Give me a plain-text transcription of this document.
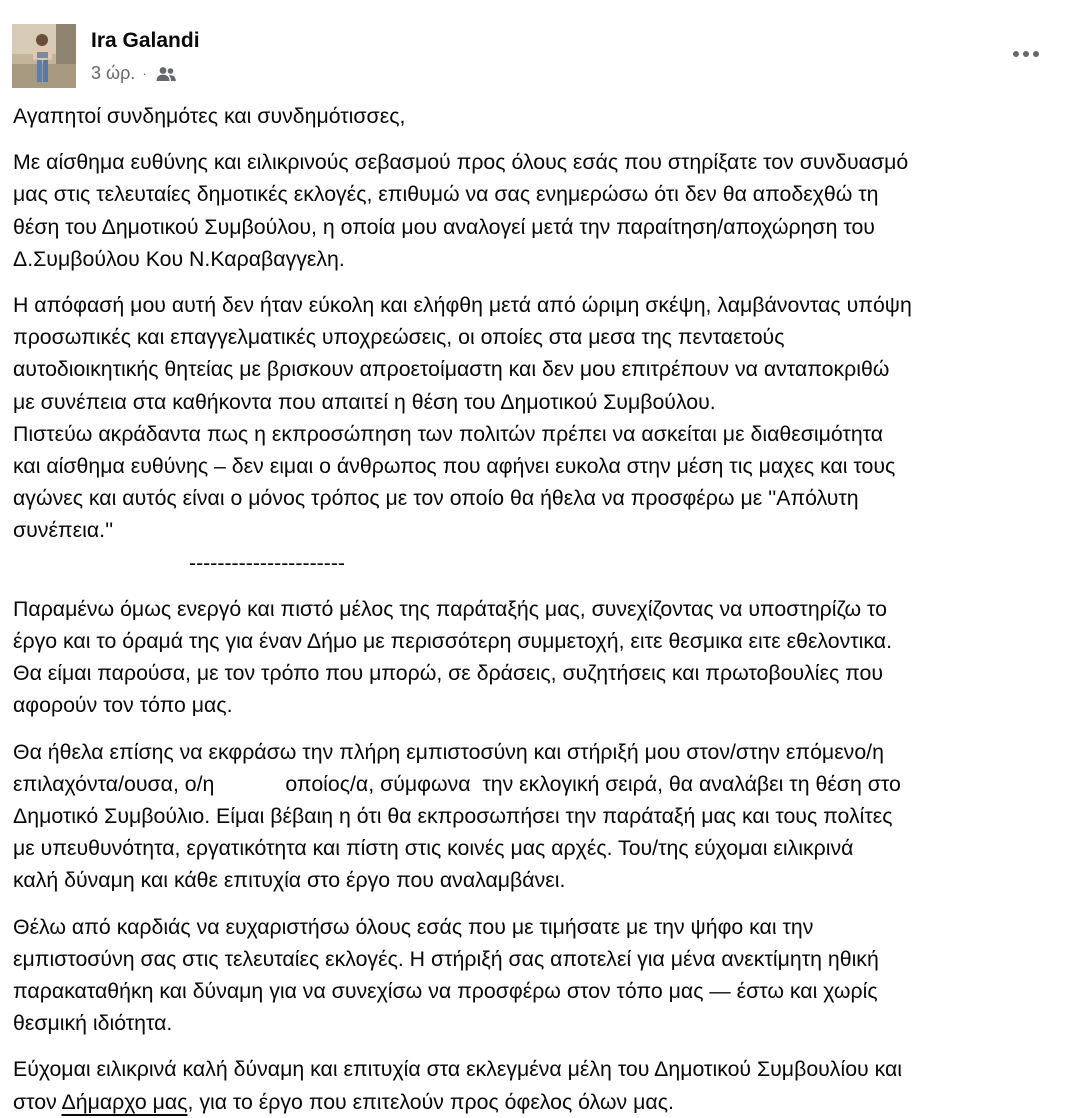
Ira Galandi
3 ώρ. ·

Αγαπητοί συνδημότες και συνδημότισσες,

Με αίσθημα ευθύνης και ειλικρινούς σεβασμού προς όλους εσάς που στηρίξατε τον συνδυασμό

μας στις τελευταίες δημοτικές εκλογές, επιθυμώ να σας ενημερώσω ότι δεν θα αποδεχθώ τη

θέση του Δημοτικού Συμβούλου, η οποία μου αναλογεί μετά την παραίτηση/αποχώρηση του

Δ.Συμβούλου Κου Ν.Καραβαγγελη.

Η απόφασή μου αυτή δεν ήταν εύκολη και ελήφθη μετά από ώριμη σκέψη, λαμβάνοντας υπόψη

προσωπικές και επαγγελματικές υποχρεώσεις, οι οποίες στα μεσα της πενταετούς

αυτοδιοικητικής θητείας με βρισκουν απροετοίμαστη και δεν μου επιτρέπουν να ανταποκριθώ

με συνέπεια στα καθήκοντα που απαιτεί η θέση του Δημοτικού Συμβούλου.

Πιστεύω ακράδαντα πως η εκπροσώπηση των πολιτών πρέπει να ασκείται με διαθεσιμότητα

και αίσθημα ευθύνης – δεν ειμαι ο άνθρωπος που αφήνει ευκολα στην μέση τις μαχες και τους

αγώνες και αυτός είναι ο μόνος τρόπος με τον οποίο θα ήθελα να προσφέρω με ''Απόλυτη

συνέπεια.''

----------------------

Παραμένω όμως ενεργό και πιστό μέλος της παράταξής μας, συνεχίζοντας να υποστηρίζω το

έργο και το όραμά της για έναν Δήμο με περισσότερη συμμετοχή, ειτε θεσμικα ειτε εθελοντικα.

Θα είμαι παρούσα, με τον τρόπο που μπορώ, σε δράσεις, συζητήσεις και πρωτοβουλίες που

αφορούν τον τόπο μας.

Θα ήθελα επίσης να εκφράσω την πλήρη εμπιστοσύνη και στήριξή μου στον/στην επόμενο/η

επιλαχόντα/ουσα, ο/η            οποίος/α, σύμφωνα  την εκλογική σειρά, θα αναλάβει τη θέση στο

Δημοτικό Συμβούλιο. Είμαι βέβαιη η ότι θα εκπροσωπήσει την παράταξή μας και τους πολίτες

με υπευθυνότητα, εργατικότητα και πίστη στις κοινές μας αρχές. Του/της εύχομαι ειλικρινά

καλή δύναμη και κάθε επιτυχία στο έργο που αναλαμβάνει.

Θέλω από καρδιάς να ευχαριστήσω όλους εσάς που με τιμήσατε με την ψήφο και την

εμπιστοσύνη σας στις τελευταίες εκλογές. Η στήριξή σας αποτελεί για μένα ανεκτίμητη ηθική

παρακαταθήκη και δύναμη για να συνεχίσω να προσφέρω στον τόπο μας — έστω και χωρίς

θεσμική ιδιότητα.

Εύχομαι ειλικρινά καλή δύναμη και επιτυχία στα εκλεγμένα μέλη του Δημοτικού Συμβουλίου και

στον Δήμαρχο μας, για το έργο που επιτελούν προς όφελος όλων μας.
